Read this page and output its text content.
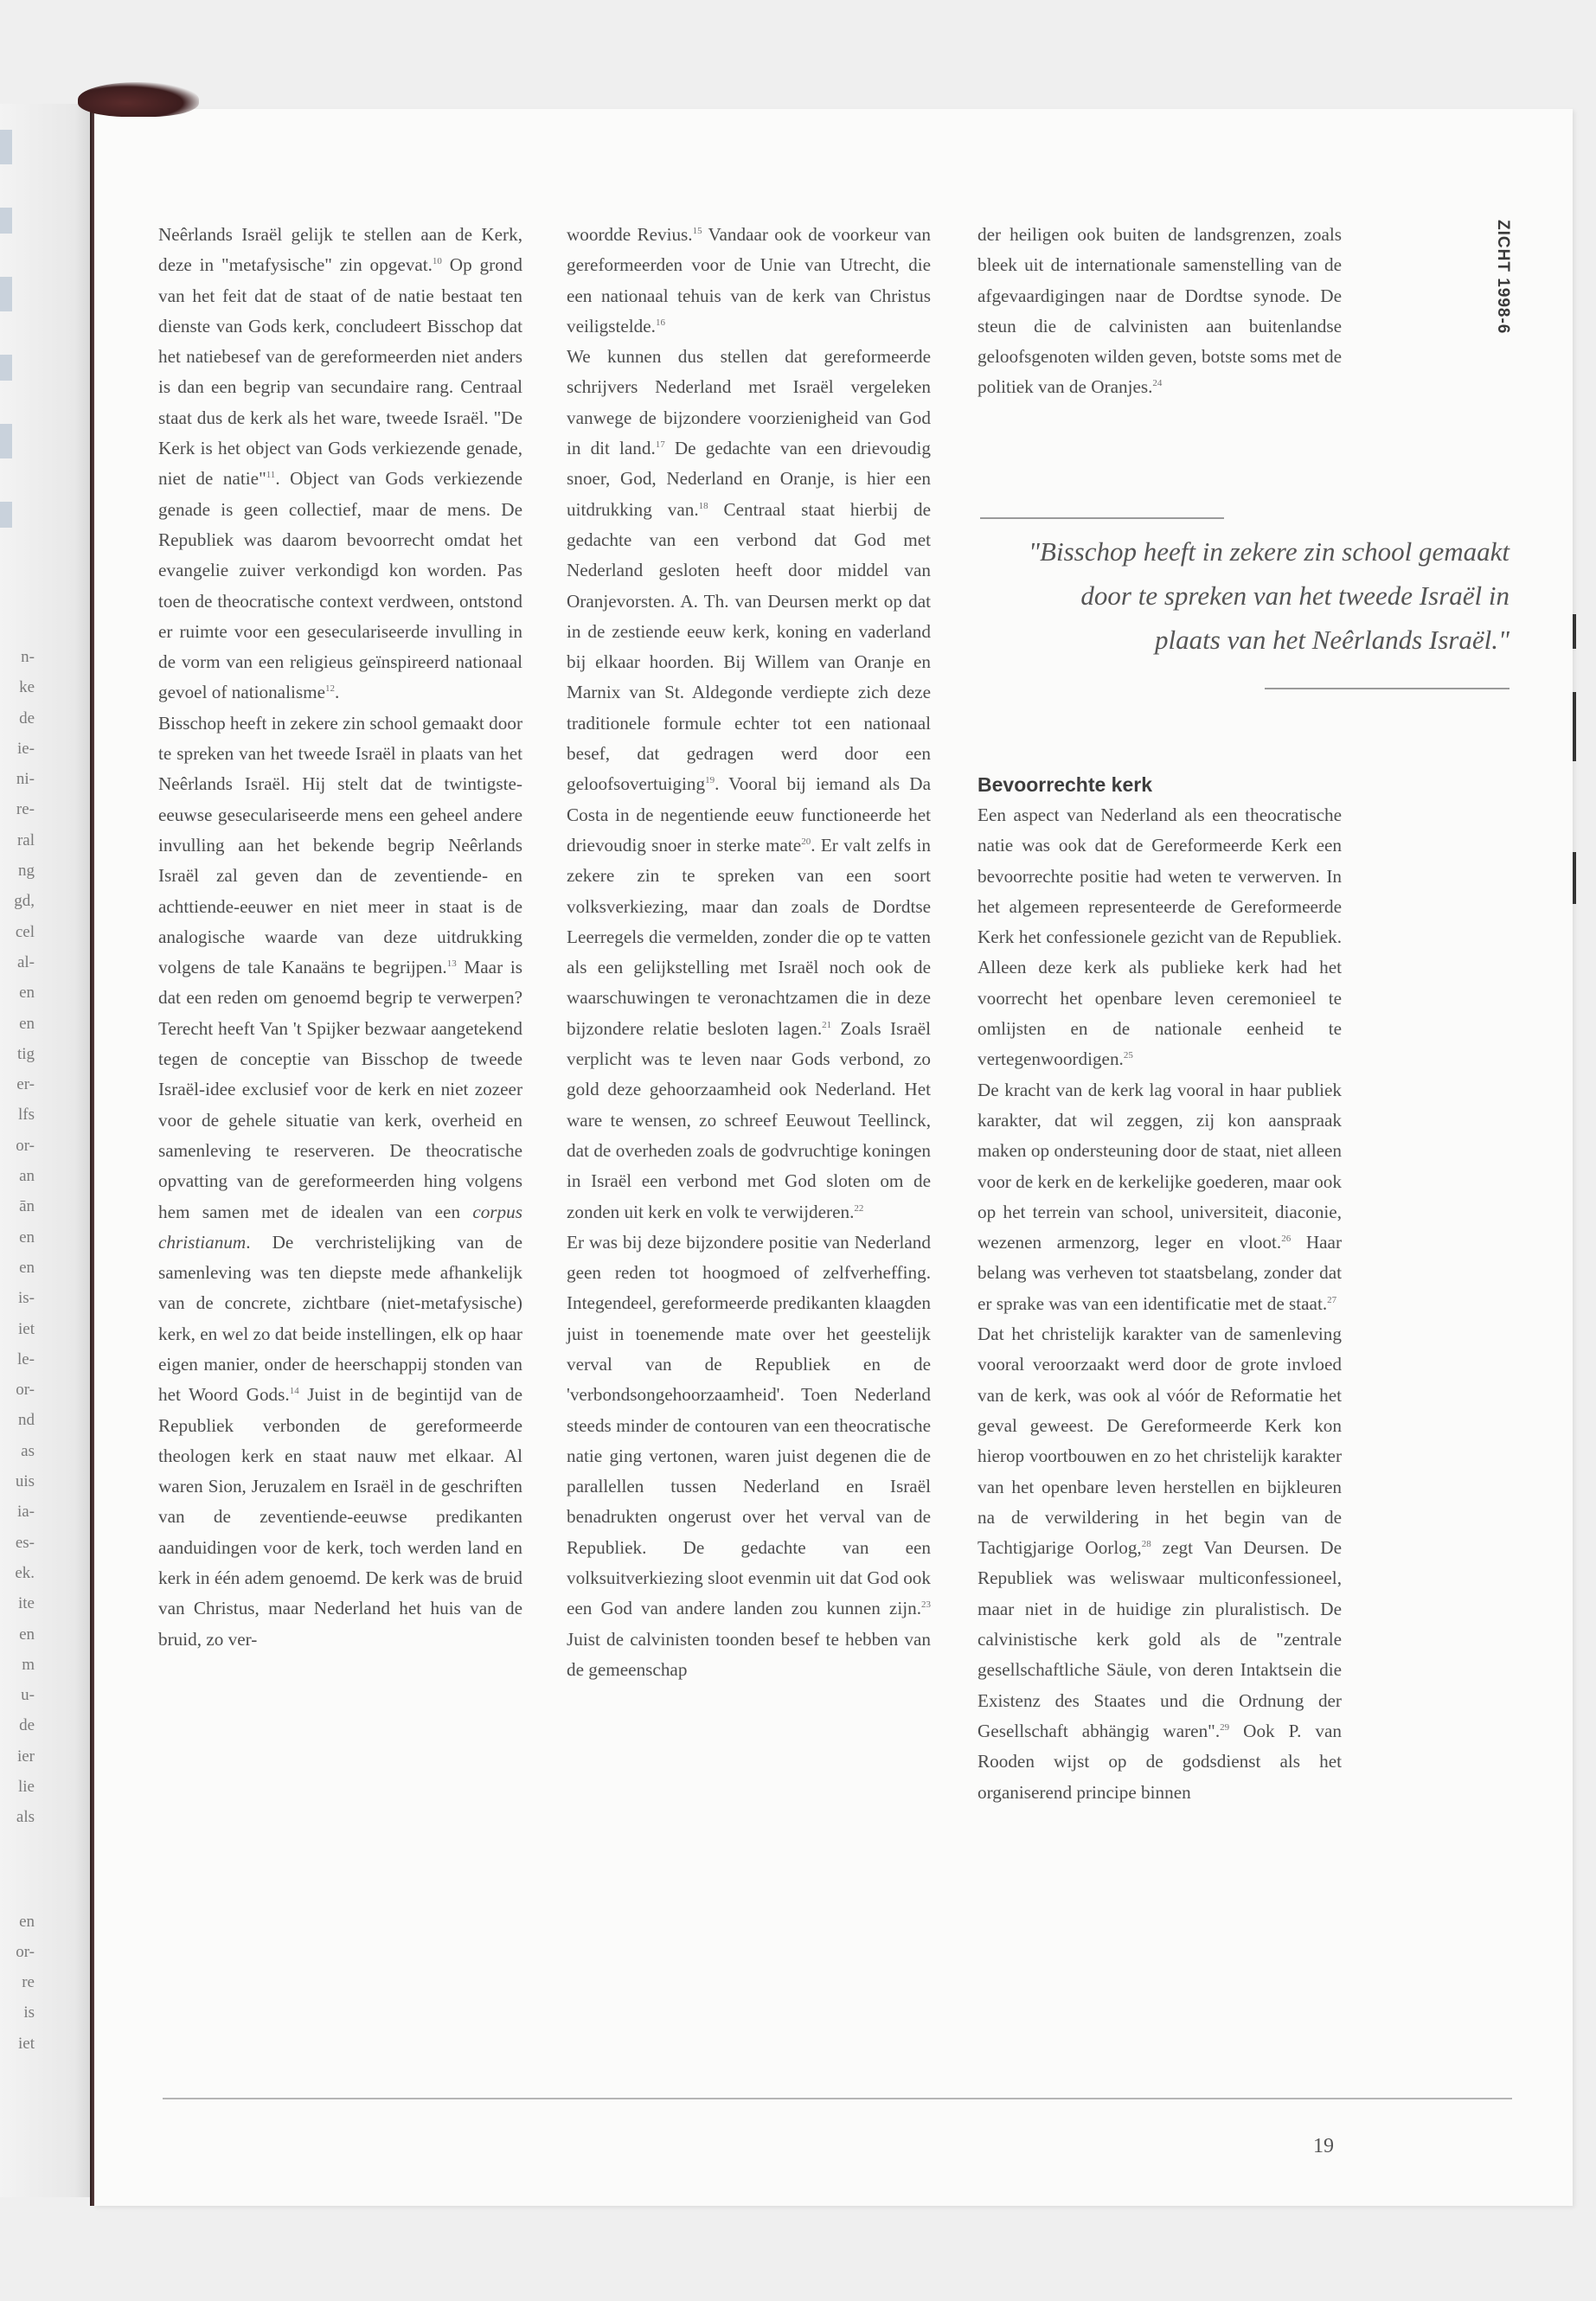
n-
ke
de
ie-
ni-
re-
ral
ng
gd,
cel
al-
en
en
tig
er-
lfs
or-
an
ān
en
en
is-
iet
le-
or-
nd
as
uis
ia-
es-
ek.
ite
en
m
u-
de
ier
lie
als
en
or-
re
is
iet

Neêrlands Israël gelijk te stellen aan de Kerk, deze in "metafysische" zin opgevat.$^{10}$ Op grond van het feit dat de staat of de natie bestaat ten dienste van Gods kerk, concludeert Bisschop dat het natiebesef van de gereformeerden niet anders is dan een begrip van secundaire rang. Centraal staat dus de kerk als het ware, tweede Israël. "De Kerk is het object van Gods verkiezende genade, niet de natie"$^{11}$. Object van Gods verkiezende genade is geen collectief, maar de mens. De Republiek was daarom bevoorrecht omdat het evangelie zuiver verkondigd kon worden. Pas toen de theocratische context verdween, ontstond er ruimte voor een geseculariseerde invulling in de vorm van een religieus geïnspireerd nationaal gevoel of nationalisme$^{12}$.
Bisschop heeft in zekere zin school gemaakt door te spreken van het tweede Israël in plaats van het Neêrlands Israël. Hij stelt dat de twintigste-eeuwse geseculariseerde mens een geheel andere invulling aan het bekende begrip Neêrlands Israël zal geven dan de zeventiende- en achttiende-eeuwer en niet meer in staat is de analogische waarde van deze uitdrukking volgens de tale Kanaäns te begrijpen.$^{13}$ Maar is dat een reden om genoemd begrip te verwerpen? Terecht heeft Van 't Spijker bezwaar aangetekend tegen de conceptie van Bisschop de tweede Israël-idee exclusief voor de kerk en niet zozeer voor de gehele situatie van kerk, overheid en samenleving te reserveren. De theocratische opvatting van de gereformeerden hing volgens hem samen met de idealen van een corpus christianum. De verchristelijking van de samenleving was ten diepste mede afhankelijk van de concrete, zichtbare (niet-metafysische) kerk, en wel zo dat beide instellingen, elk op haar eigen manier, onder de heerschappij stonden van het Woord Gods.$^{14}$ Juist in de begintijd van de Republiek verbonden de gereformeerde theologen kerk en staat nauw met elkaar. Al waren Sion, Jeruzalem en Israël in de geschriften van de zeventiende-eeuwse predikanten aanduidingen voor de kerk, toch werden land en kerk in één adem genoemd. De kerk was de bruid van Christus, maar Nederland het huis van de bruid, zo ver-

woordde Revius.$^{15}$ Vandaar ook de voorkeur van gereformeerden voor de Unie van Utrecht, die een nationaal tehuis van de kerk van Christus veiligstelde.$^{16}$
We kunnen dus stellen dat gereformeerde schrijvers Nederland met Israël vergeleken vanwege de bijzondere voorzienigheid van God in dit land.$^{17}$ De gedachte van een drievoudig snoer, God, Nederland en Oranje, is hier een uitdrukking van.$^{18}$ Centraal staat hierbij de gedachte van een verbond dat God met Nederland gesloten heeft door middel van Oranjevorsten. A. Th. van Deursen merkt op dat in de zestiende eeuw kerk, koning en vaderland bij elkaar hoorden. Bij Willem van Oranje en Marnix van St. Aldegonde verdiepte zich deze traditionele formule echter tot een nationaal besef, dat gedragen werd door een geloofsovertuiging$^{19}$. Vooral bij iemand als Da Costa in de negentiende eeuw functioneerde het drievoudig snoer in sterke mate$^{20}$. Er valt zelfs in zekere zin te spreken van een soort volksverkiezing, maar dan zoals de Dordtse Leerregels die vermelden, zonder die op te vatten als een gelijkstelling met Israël noch ook de waarschuwingen te veronachtzamen die in deze bijzondere relatie besloten lagen.$^{21}$ Zoals Israël verplicht was te leven naar Gods verbond, zo gold deze gehoorzaamheid ook Nederland. Het ware te wensen, zo schreef Eeuwout Teellinck, dat de overheden zoals de godvruchtige koningen in Israël een verbond met God sloten om de zonden uit kerk en volk te verwijderen.$^{22}$
Er was bij deze bijzondere positie van Nederland geen reden tot hoogmoed of zelfverheffing. Integendeel, gereformeerde predikanten klaagden juist in toenemende mate over het geestelijk verval van de Republiek en de 'verbondsongehoorzaamheid'. Toen Nederland steeds minder de contouren van een theocratische natie ging vertonen, waren juist degenen die de parallellen tussen Nederland en Israël benadrukten ongerust over het verval van de Republiek. De gedachte van een volksuitverkiezing sloot evenmin uit dat God ook een God van andere landen zou kunnen zijn.$^{23}$ Juist de calvinisten toonden besef te hebben van de gemeenschap

der heiligen ook buiten de landsgrenzen, zoals bleek uit de internationale samenstelling van de afgevaardigingen naar de Dordtse synode. De steun die de calvinisten aan buitenlandse geloofsgenoten wilden geven, botste soms met de politiek van de Oranjes.$^{24}$

"Bisschop heeft in zekere zin school gemaakt
door te spreken van het tweede Israël in
plaats van het Neêrlands Israël."
Bevoorrechte kerk

Een aspect van Nederland als een theocratische natie was ook dat de Gereformeerde Kerk een bevoorrechte positie had weten te verwerven. In het algemeen representeerde de Gereformeerde Kerk het confessionele gezicht van de Republiek. Alleen deze kerk als publieke kerk had het voorrecht het openbare leven ceremonieel te omlijsten en de nationale eenheid te vertegenwoordigen.$^{25}$
De kracht van de kerk lag vooral in haar publiek karakter, dat wil zeggen, zij kon aanspraak maken op ondersteuning door de staat, niet alleen voor de kerk en de kerkelijke goederen, maar ook op het terrein van school, universiteit, diaconie, wezenen armenzorg, leger en vloot.$^{26}$ Haar belang was verheven tot staatsbelang, zonder dat er sprake was van een identificatie met de staat.$^{27}$
Dat het christelijk karakter van de samenleving vooral veroorzaakt werd door de grote invloed van de kerk, was ook al vóór de Reformatie het geval geweest. De Gereformeerde Kerk kon hierop voortbouwen en zo het christelijk karakter van het openbare leven herstellen en bijkleuren na de verwildering in het begin van de Tachtigjarige Oorlog,$^{28}$ zegt Van Deursen. De Republiek was weliswaar multiconfessioneel, maar niet in de huidige zin pluralistisch. De calvinistische kerk gold als de "zentrale gesellschaftliche Säule, von deren Intaktsein die Existenz des Staates und die Ordnung der Gesellschaft abhängig waren".$^{29}$ Ook P. van Rooden wijst op de godsdienst als het organiserend principe binnen

ZICHT 1998-6
19
